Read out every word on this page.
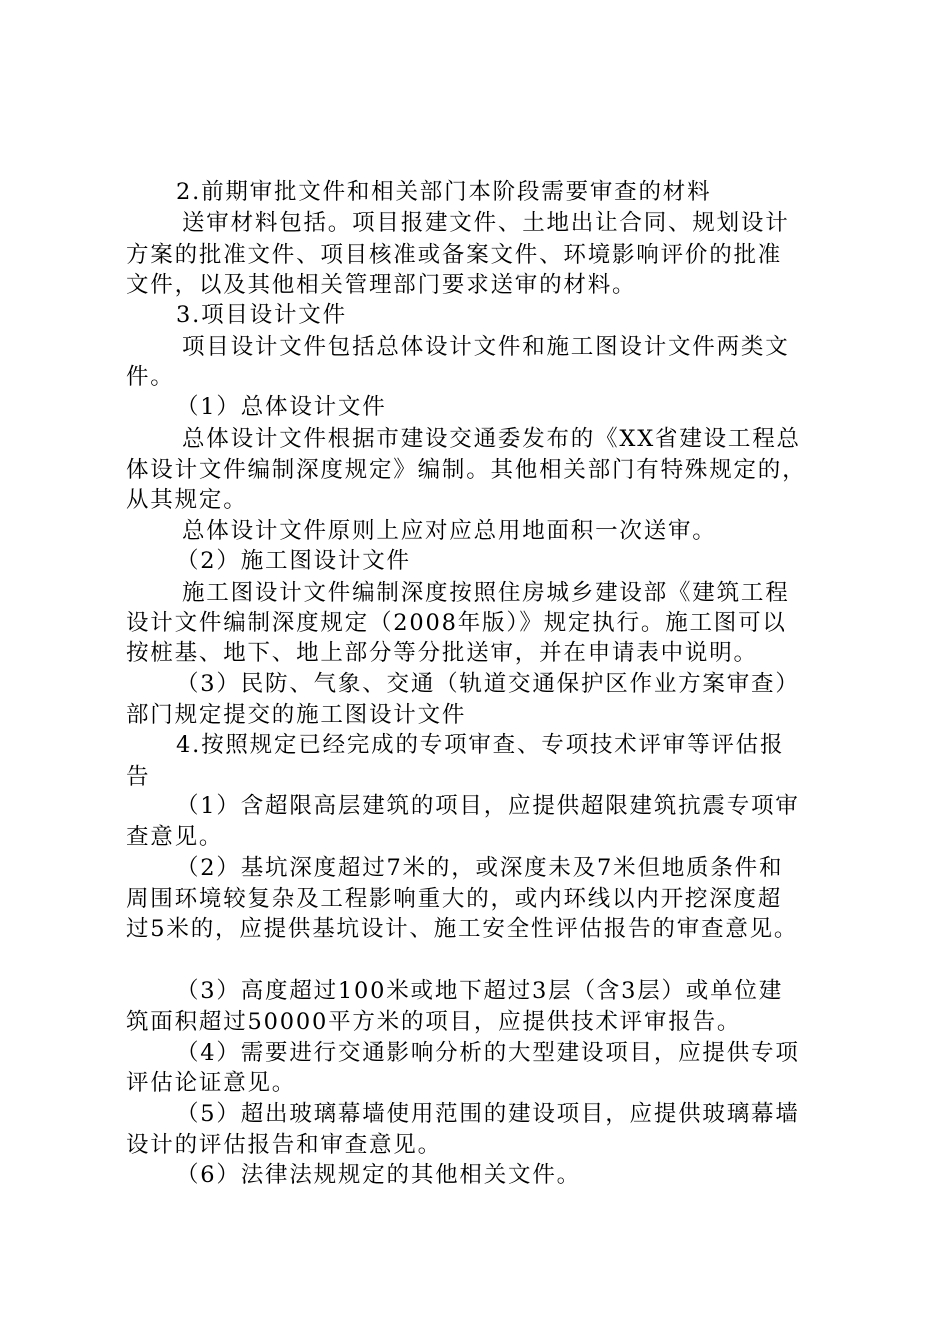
2.前期审批文件和相关部门本阶段需要审查的材料
送审材料包括。项目报建文件、土地出让合同、规划设计
方案的批准文件、项目核准或备案文件、环境影响评价的批准
文件，以及其他相关管理部门要求送审的材料。
3.项目设计文件
项目设计文件包括总体设计文件和施工图设计文件两类文
件。
（1）总体设计文件
总体设计文件根据市建设交通委发布的《XX省建设工程总
体设计文件编制深度规定》编制。其他相关部门有特殊规定的，
从其规定。
总体设计文件原则上应对应总用地面积一次送审。
（2）施工图设计文件
施工图设计文件编制深度按照住房城乡建设部《建筑工程
设计文件编制深度规定（2008年版）》规定执行。施工图可以
按桩基、地下、地上部分等分批送审，并在申请表中说明。
（3）民防、气象、交通（轨道交通保护区作业方案审查）
部门规定提交的施工图设计文件
4.按照规定已经完成的专项审查、专项技术评审等评估报
告
（1）含超限高层建筑的项目，应提供超限建筑抗震专项审
查意见。
（2）基坑深度超过7米的，或深度未及7米但地质条件和
周围环境较复杂及工程影响重大的，或内环线以内开挖深度超
过5米的，应提供基坑设计、施工安全性评估报告的审查意见。
（3）高度超过100米或地下超过3层（含3层）或单位建
筑面积超过50000平方米的项目，应提供技术评审报告。
（4）需要进行交通影响分析的大型建设项目，应提供专项
评估论证意见。
（5）超出玻璃幕墙使用范围的建设项目，应提供玻璃幕墙
设计的评估报告和审查意见。
（6）法律法规规定的其他相关文件。
